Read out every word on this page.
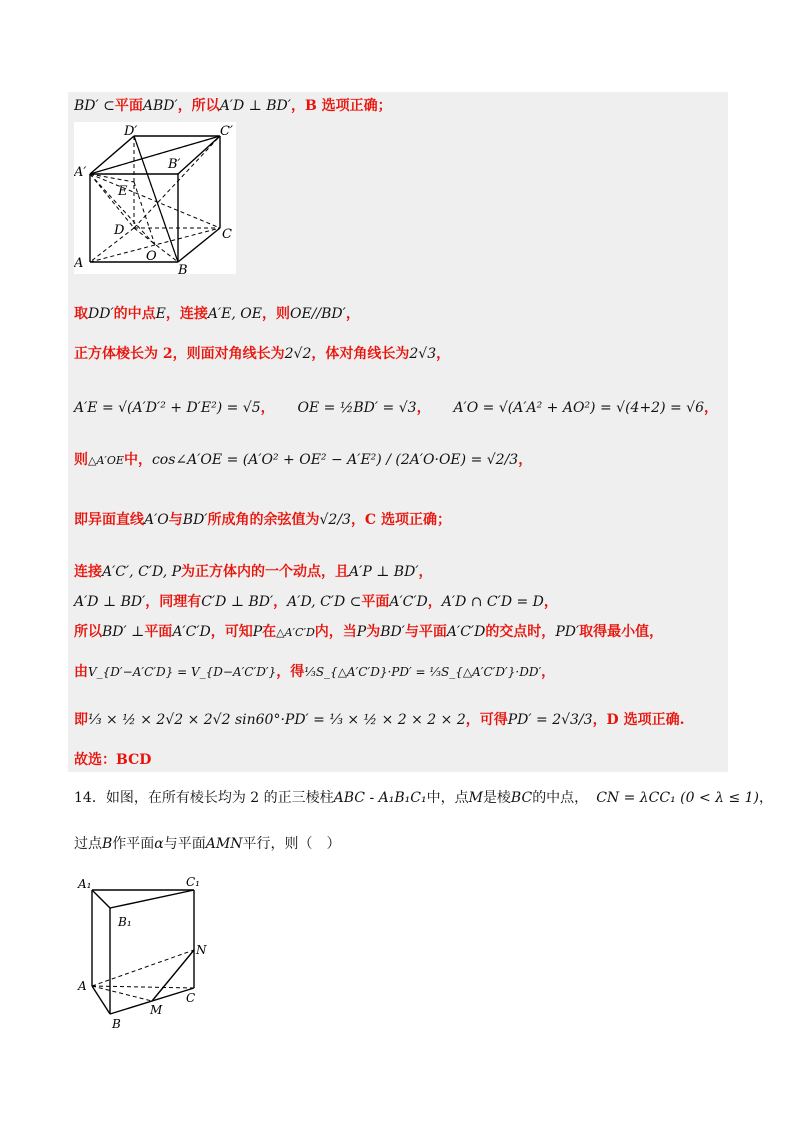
BD′ ⊂平面ABD′，所以A′D ⊥ BD′，B 选项正确；
D′	C′
A′
B′
E
D	C
A	O
B
取DD′的中点E，连接A′E, OE，则OE//BD′，
正方体棱长为 2，则面对角线长为2√2，体对角线长为2√3，
A′E = √(A′D′² + D′E²) = √5， OE = ½BD′ = √3， A′O = √(A′A² + AO²) = √(4+2) = √6，
则△A′OE中，cos∠A′OE = (A′O² + OE² − A′E²) / (2A′O·OE) = √2/3，
即异面直线A′O与BD′所成角的余弦值为√2/3，C 选项正确；
连接A′C′, C′D, P为正方体内的一个动点，且A′P ⊥ BD′，
A′D ⊥ BD′，同理有C′D ⊥ BD′，A′D, C′D ⊂平面A′C′D，A′D ∩ C′D = D，
所以BD′ ⊥平面A′C′D，可知P在△A′C′D内，当P为BD′与平面A′C′D的交点时，PD′取得最小值，
由V_{D′−A′C′D} = V_{D−A′C′D′}，得⅓S_{△A′C′D}·PD′ = ⅓S_{△A′C′D′}·DD′，
即⅓ × ½ × 2√2 × 2√2 sin60°·PD′ = ⅓ × ½ × 2 × 2 × 2，可得PD′ = 2√3/3，D 选项正确.
故选：BCD
14．如图，在所有棱长均为 2 的正三棱柱ABC - A₁B₁C₁中，点M是棱BC的中点， CN = λCC₁ (0 < λ ≤ 1)，
过点B作平面α与平面AMN平行，则（　）
A₁	C₁
B₁
N
A
C
M
B
